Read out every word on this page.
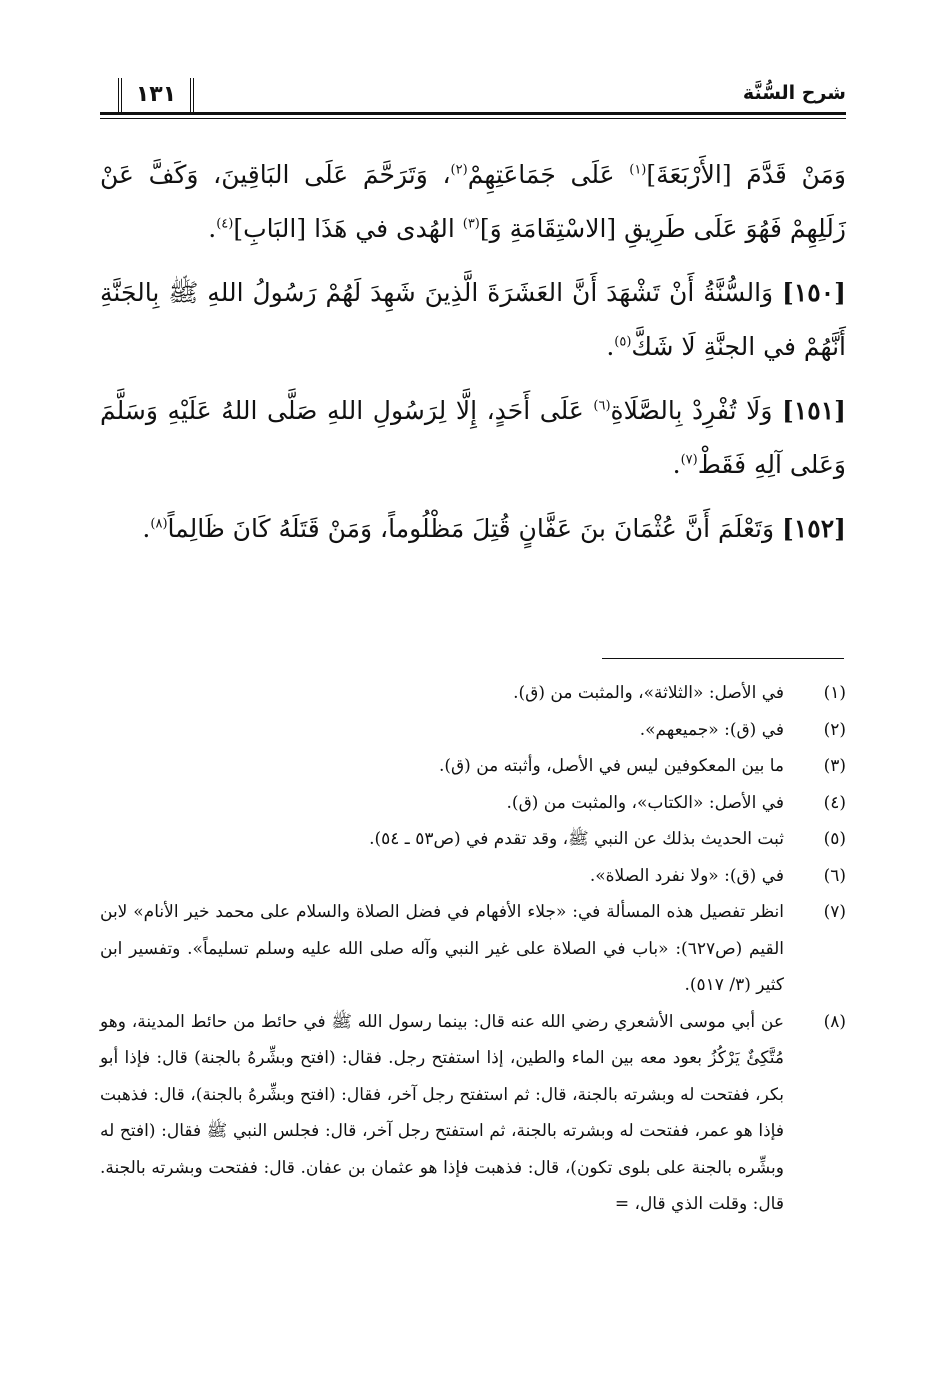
شرح السُّنَّة
١٣١

وَمَنْ قَدَّمَ [الأَرْبَعَةَ]$^{(١)}$ عَلَى جَمَاعَتِهِمْ$^{(٢)}$، وَتَرَحَّمَ عَلَى البَاقِينَ، وَكَفَّ عَنْ زَلَلِهِمْ فَهُوَ عَلَى طَرِيقِ [الاسْتِقَامَةِ وَ]$^{(٣)}$ الهُدى في هَذَا [البَابِ]$^{(٤)}$.

[١٥٠] وَالسُّنَّةُ أَنْ تَشْهَدَ أَنَّ العَشَرَةَ الَّذِينَ شَهِدَ لَهُمْ رَسُولُ اللهِ ﷺ بِالجَنَّةِ أَنَّهُمْ في الجنَّةِ لَا شَكَّ$^{(٥)}$.

[١٥١] وَلَا تُفْرِدْ بِالصَّلَاةِ$^{(٦)}$ عَلَى أَحَدٍ، إِلَّا لِرَسُولِ اللهِ صَلَّى اللهُ عَلَيْهِ وَسَلَّمَ وَعَلى آلِهِ فَقَطْ$^{(٧)}$.

[١٥٢] وَتَعْلَمَ أَنَّ عُثْمَانَ بنَ عَفَّانٍ قُتِلَ مَظْلُوماً، وَمَنْ قَتَلَهُ كَانَ ظَالِماً$^{(٨)}$.

(١)
في الأصل: «الثلاثة»، والمثبت من (ق).
(٢)
في (ق): «جميعهم».
(٣)
ما بين المعكوفين ليس في الأصل، وأثبته من (ق).
(٤)
في الأصل: «الكتاب»، والمثبت من (ق).
(٥)
ثبت الحديث بذلك عن النبي ﷺ، وقد تقدم في (ص٥٣ ـ ٥٤).
(٦)
في (ق): «ولا نفرد الصلاة».
(٧)
انظر تفصيل هذه المسألة في: «جلاء الأفهام في فضل الصلاة والسلام على محمد خير الأنام» لابن القيم (ص٦٢٧): «باب في الصلاة على غير النبي وآله صلى الله عليه وسلم تسليماً». وتفسير ابن كثير (٣/ ٥١٧).
(٨)
عن أبي موسى الأشعري رضي الله عنه قال: بينما رسول الله ﷺ في حائط من حائط المدينة، وهو مُتَّكِئٌ يَرْكُزُ بعود معه بين الماء والطين، إذا استفتح رجل. فقال: (افتح وبشِّرهُ بالجنة) قال: فإذا أبو بكر، ففتحت له وبشرته بالجنة، قال: ثم استفتح رجل آخر، فقال: (افتح وبشِّرهُ بالجنة)، قال: فذهبت فإذا هو عمر، ففتحت له وبشرته بالجنة، ثم استفتح رجل آخر، قال: فجلس النبي ﷺ فقال: (افتح له وبشِّره بالجنة على بلوى تكون)، قال: فذهبت فإذا هو عثمان بن عفان. قال: ففتحت وبشرته بالجنة. قال: وقلت الذي قال، =
